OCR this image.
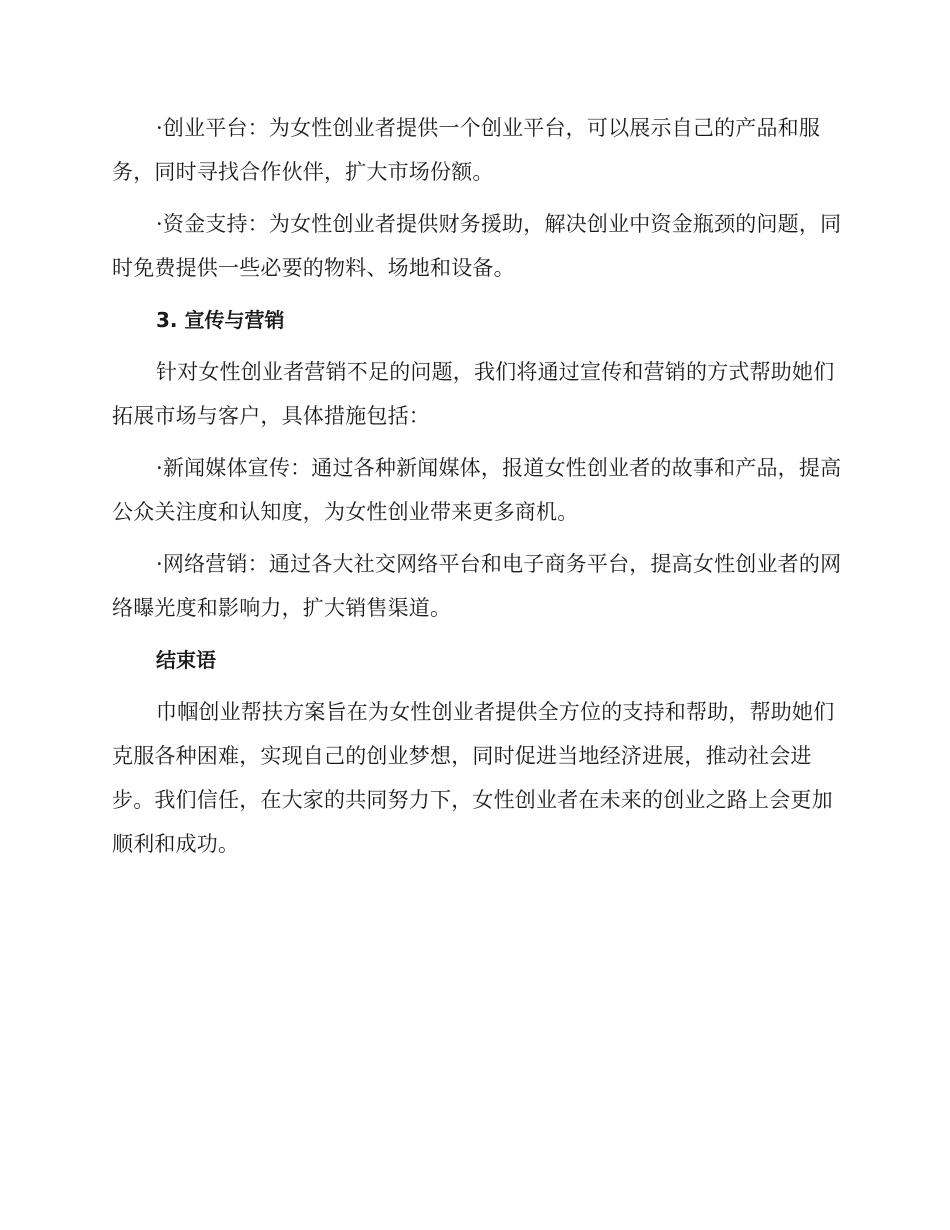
·创业平台：为女性创业者提供一个创业平台，可以展示自己的产品和服务，同时寻找合作伙伴，扩大市场份额。

·资金支持：为女性创业者提供财务援助，解决创业中资金瓶颈的问题，同时免费提供一些必要的物料、场地和设备。

3. 宣传与营销

针对女性创业者营销不足的问题，我们将通过宣传和营销的方式帮助她们拓展市场与客户，具体措施包括：

·新闻媒体宣传：通过各种新闻媒体，报道女性创业者的故事和产品，提高公众关注度和认知度，为女性创业带来更多商机。

·网络营销：通过各大社交网络平台和电子商务平台，提高女性创业者的网络曝光度和影响力，扩大销售渠道。

结束语

巾帼创业帮扶方案旨在为女性创业者提供全方位的支持和帮助，帮助她们克服各种困难，实现自己的创业梦想，同时促进当地经济进展，推动社会进步。我们信任，在大家的共同努力下，女性创业者在未来的创业之路上会更加顺利和成功。
